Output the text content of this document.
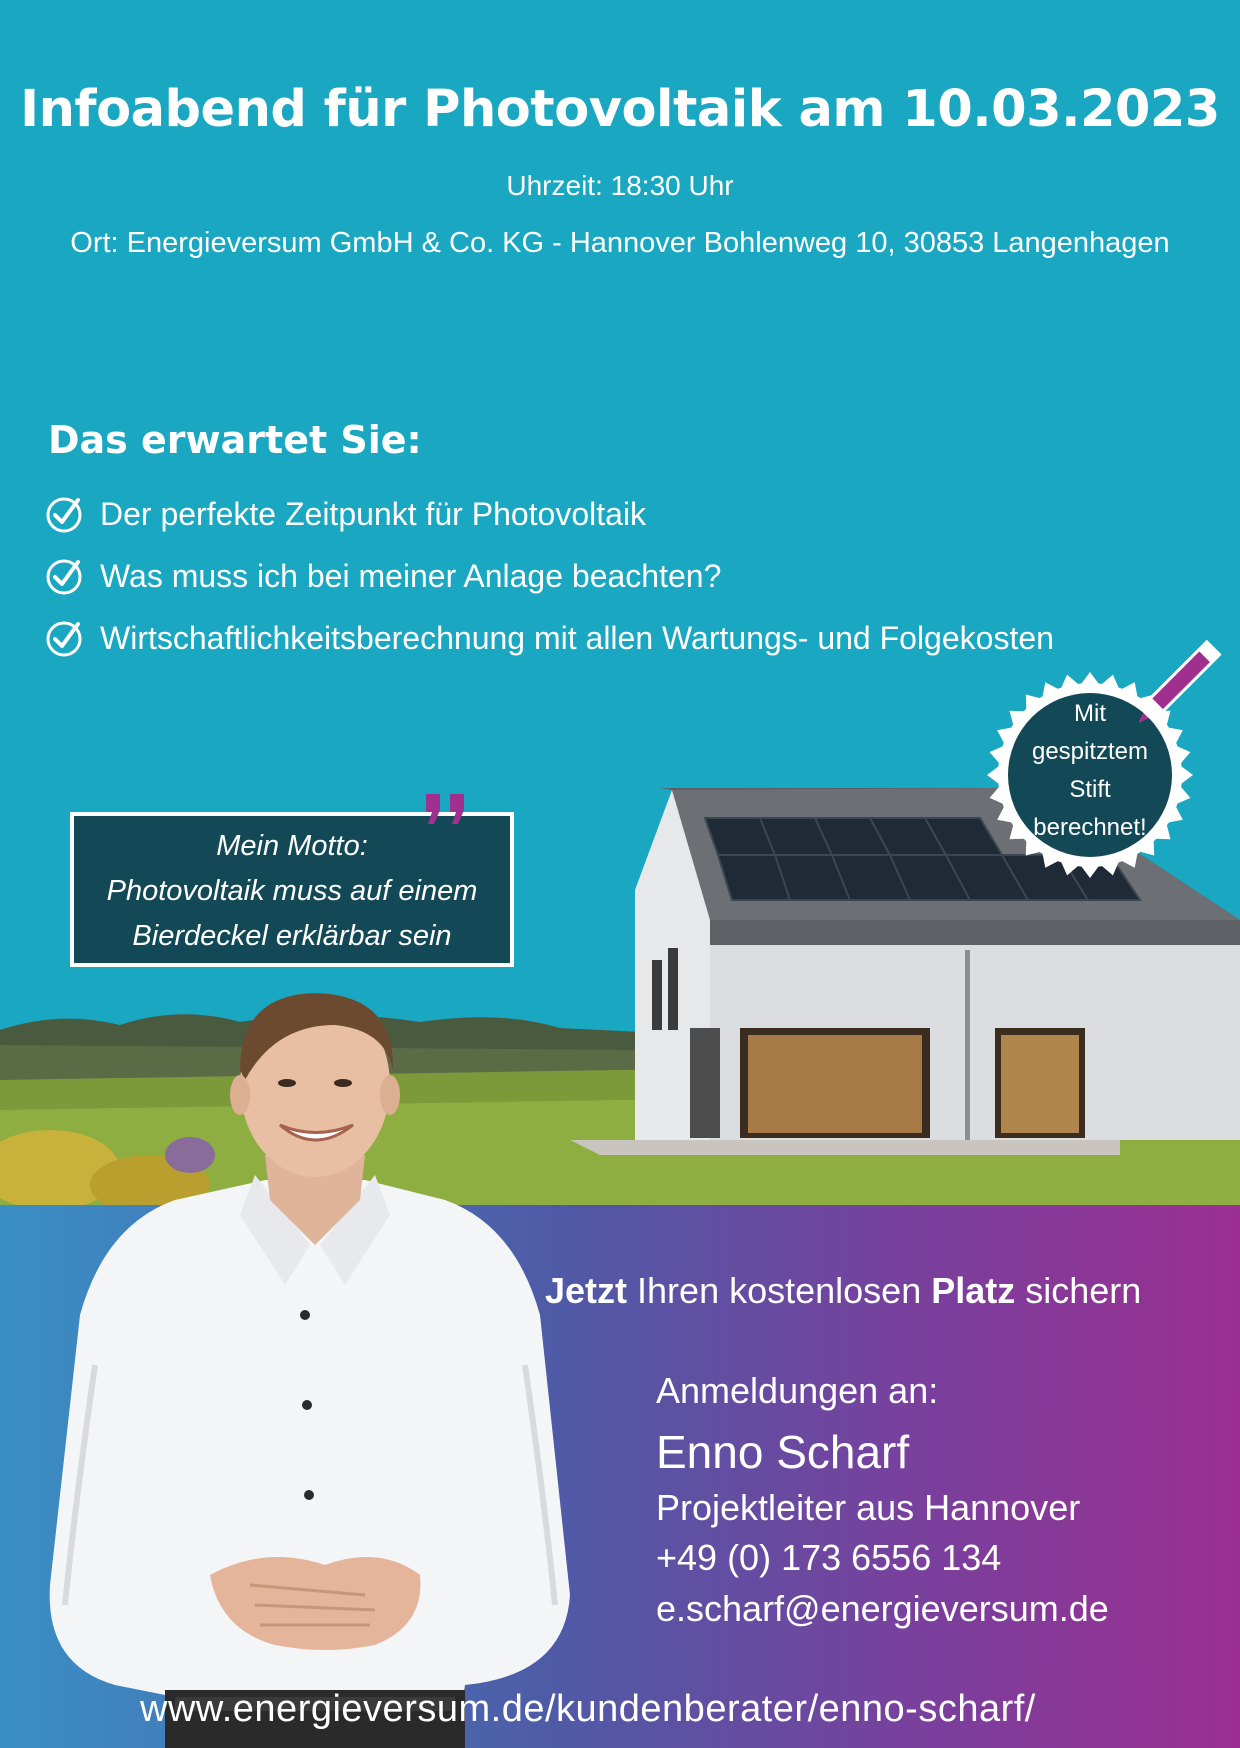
Infoabend für Photovoltaik am 10.03.2023
Uhrzeit: 18:30 Uhr
Ort: Energieversum GmbH & Co. KG - Hannover Bohlenweg 10, 30853 Langenhagen
Das erwartet Sie:
Der perfekte Zeitpunkt für Photovoltaik
Was muss ich bei meiner Anlage beachten?
Wirtschaftlichkeitsberechnung mit allen Wartungs- und Folgekosten
Mein Motto:
Photovoltaik muss auf einem
Bierdeckel erklärbar sein
Mit
gespitztem
Stift
berechnet!
Jetzt Ihren kostenlosen Platz sichern
Anmeldungen an:
Enno Scharf
Projektleiter aus Hannover
+49 (0) 173 6556 134
e.scharf@energieversum.de
www.energieversum.de/kundenberater/enno-scharf/
